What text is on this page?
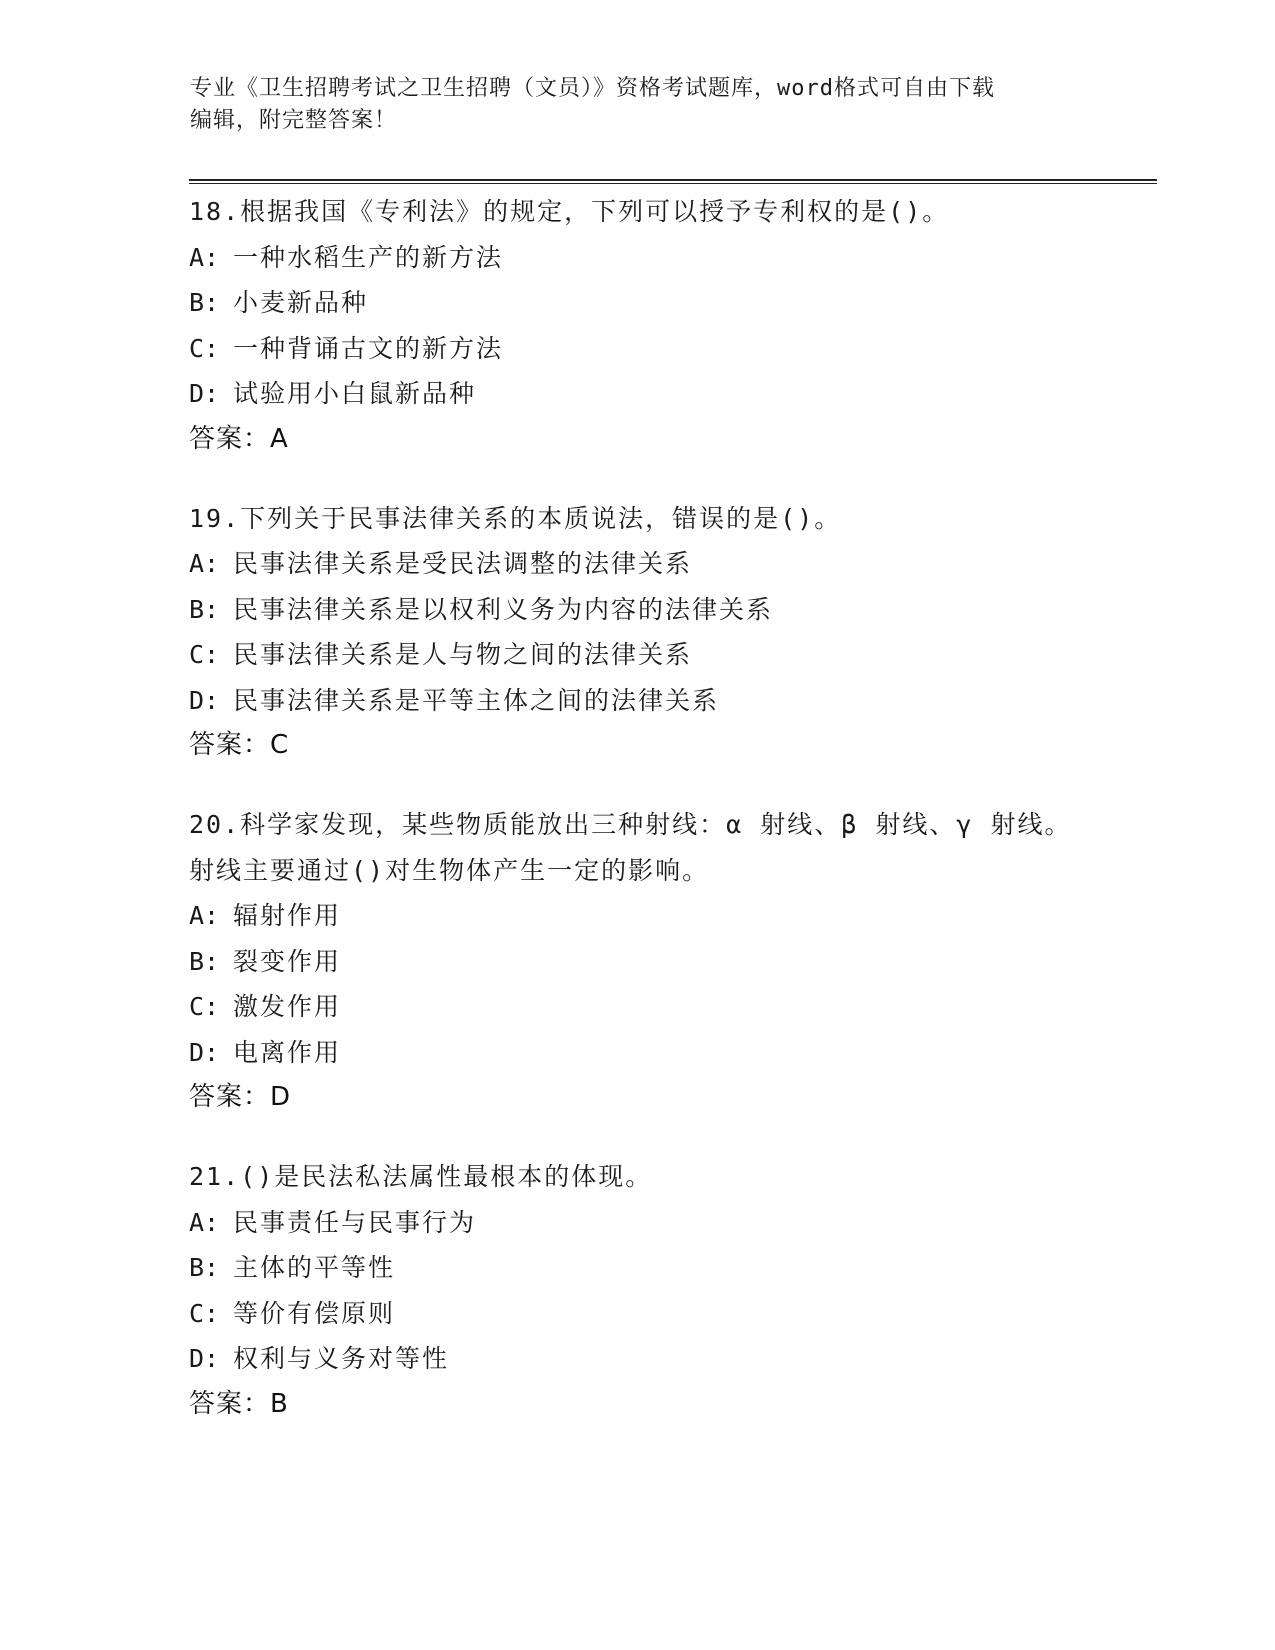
专业《卫生招聘考试之卫生招聘（文员）》资格考试题库，word格式可自由下载
编辑，附完整答案！
18.根据我国《专利法》的规定，下列可以授予专利权的是()。
A: 一种水稻生产的新方法
B: 小麦新品种
C: 一种背诵古文的新方法
D: 试验用小白鼠新品种
答案：A
19.下列关于民事法律关系的本质说法，错误的是()。
A: 民事法律关系是受民法调整的法律关系
B: 民事法律关系是以权利义务为内容的法律关系
C: 民事法律关系是人与物之间的法律关系
D: 民事法律关系是平等主体之间的法律关系
答案：C
20.科学家发现，某些物质能放出三种射线：α 射线、β 射线、γ 射线。射线主要通过()对生物体产生一定的影响。
A: 辐射作用
B: 裂变作用
C: 激发作用
D: 电离作用
答案：D
21.()是民法私法属性最根本的体现。
A: 民事责任与民事行为
B: 主体的平等性
C: 等价有偿原则
D: 权利与义务对等性
答案：B
